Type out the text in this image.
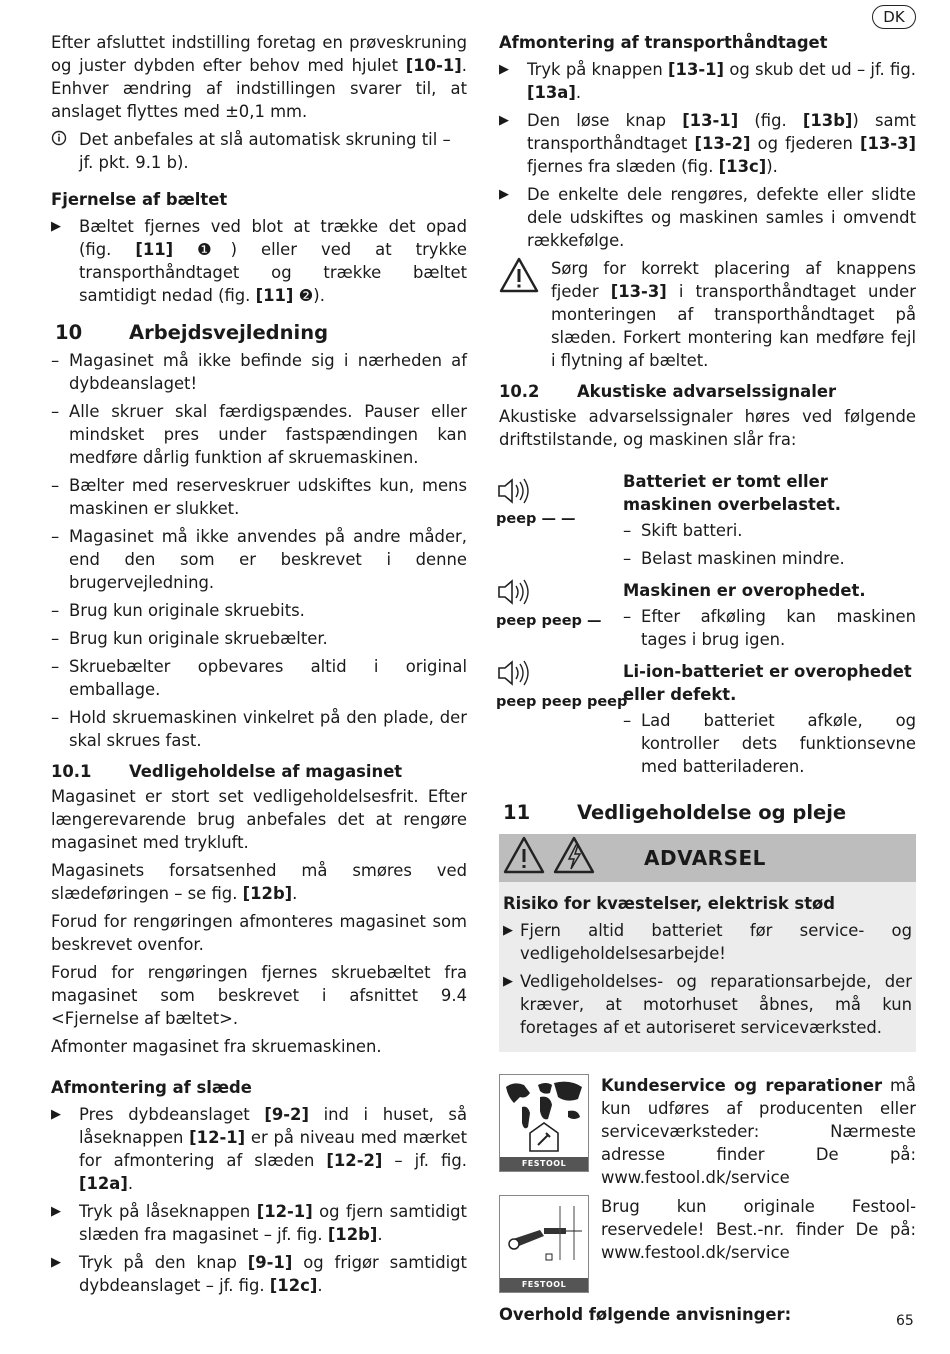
DK

Efter afsluttet indstilling foretag en prøveskruning og juster dybden efter behov med hjulet [10-1]. Enhver ændring af indstillingen svarer til, at anslaget flyttes med ±0,1 mm.

Det anbefales at slå automatisk skruning til – jf. pkt. 9.1 b).
Fjernelse af bæltet
▶	Bæltet fjernes ved blot at trække det opad (fig. [11] ❶) eller ved at trykke transporthåndtaget og trække bæltet samtidigt nedad (fig. [11] ❷).
10	Arbejdsvejledning
– Magasinet må ikke befinde sig i nærheden af dybdeanslaget!
– Alle skruer skal færdigspændes. Pauser eller mindsket pres under fastspændingen kan medføre dårlig funktion af skruemaskinen.
– Bælter med reserveskruer udskiftes kun, mens maskinen er slukket.
– Magasinet må ikke anvendes på andre måder, end den som er beskrevet i denne brugervejledning.
– Brug kun originale skruebits.
– Brug kun originale skruebælter.
– Skruebælter opbevares altid i original emballage.
– Hold skruemaskinen vinkelret på den plade, der skal skrues fast.
10.1	Vedligeholdelse af magasinet

Magasinet er stort set vedligeholdelsesfrit. Efter længerevarende brug anbefales det at rengøre magasinet med trykluft.

Magasinets forsatsenhed må smøres ved slædeføringen – se fig. [12b].

Forud for rengøringen afmonteres magasinet som beskrevet ovenfor.

Forud for rengøringen fjernes skruebæltet fra magasinet som beskrevet i afsnittet 9.4 <Fjernelse af bæltet>.

Afmonter magasinet fra skruemaskinen.

Afmontering af slæde
▶	Pres dybdeanslaget [9-2] ind i huset, så låseknappen [12-1] er på niveau med mærket for afmontering af slæden [12-2] – jf. fig. [12a].
▶	Tryk på låseknappen [12-1] og fjern samtidigt slæden fra magasinet – jf. fig. [12b].
▶	Tryk på den knap [9-1] og frigør samtidigt dybdeanslaget – jf. fig. [12c].
Afmontering af transporthåndtaget
▶	Tryk på knappen [13-1] og skub det ud – jf. fig. [13a].
▶	Den løse knap [13-1] (fig. [13b]) samt transporthåndtaget [13-2] og fjederen [13-3] fjernes fra slæden (fig. [13c]).
▶	De enkelte dele rengøres, defekte eller slidte dele udskiftes og maskinen samles i omvendt rækkefølge.
Sørg for korrekt placering af knappens fjeder [13-3] i transporthåndtaget under monteringen af transporthåndtaget på slæden. Forkert montering kan medføre fejl i flytning af bæltet.
10.2	Akustiske advarselssignaler

Akustiske advarselssignaler høres ved følgende driftstilstande, og maskinen slår fra:

peep — —
Batteriet er tomt eller maskinen overbelastet.
– Skift batteri.
– Belast maskinen mindre.
peep peep —
Maskinen er overophedet.
– Efter afkøling kan maskinen tages i brug igen.
peep peep peep
Li-ion-batteriet er overophedet eller defekt.
– Lad batteriet afkøle, og kontroller dets funktionsevne med batteriladeren.
11	Vedligeholdelse og pleje
ADVARSEL
Risiko for kvæstelser, elektrisk stød
▶ Fjern altid batteriet før service- og vedligeholdelsesarbejde!
▶ Vedligeholdelses- og reparationsarbejde, der kræver, at motorhuset åbnes, må kun foretages af et autoriseret serviceværksted.
FESTOOL
Kundeservice og reparationer må kun udføres af producenten eller serviceværksteder: Nærmeste adresse finder De på: www.festool.dk/service
FESTOOL
Brug kun originale Festool-reservedele! Best.-nr. finder De på: www.festool.dk/service
Overhold følgende anvisninger:	65
